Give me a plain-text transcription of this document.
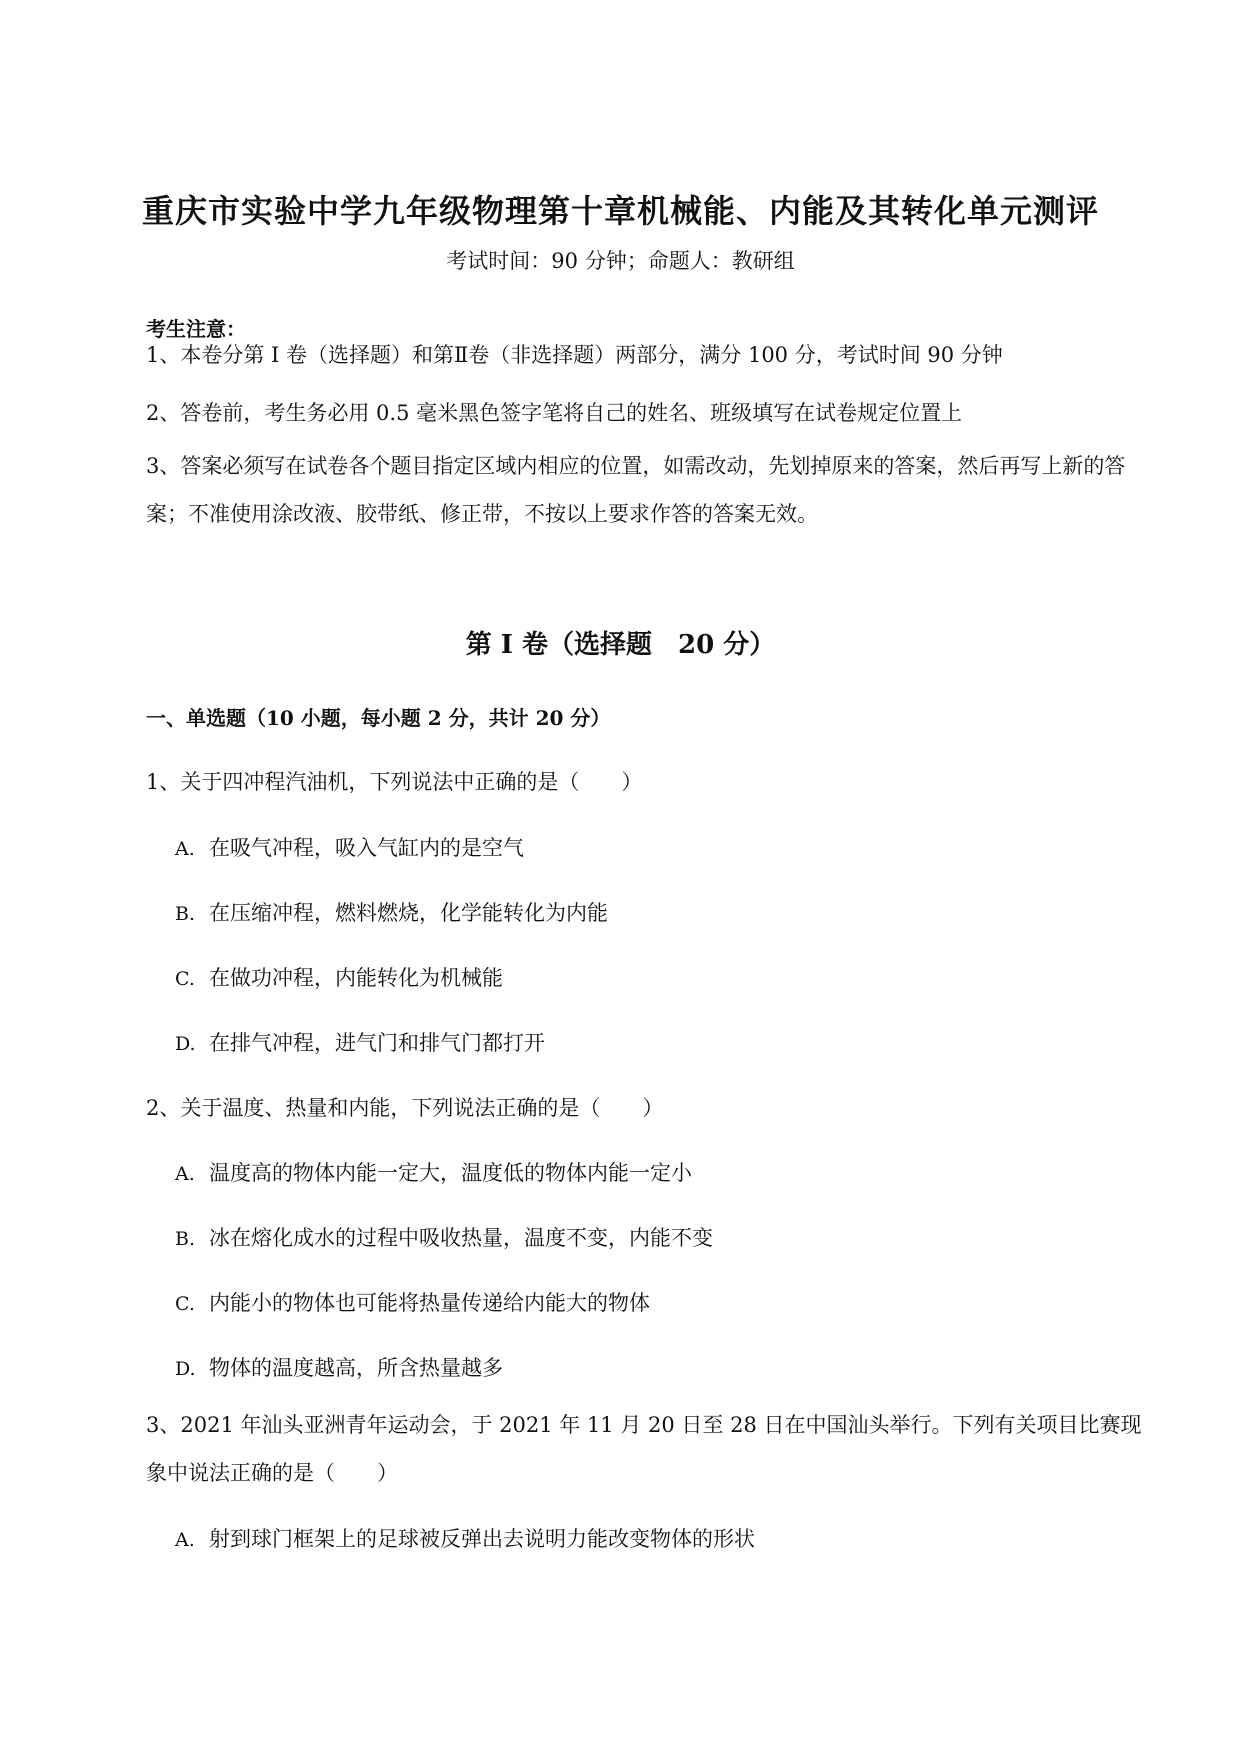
重庆市实验中学九年级物理第十章机械能、内能及其转化单元测评
考试时间：90 分钟；命题人：教研组
考生注意：
1、本卷分第 I 卷（选择题）和第Ⅱ卷（非选择题）两部分，满分 100 分，考试时间 90 分钟
2、答卷前，考生务必用 0.5 毫米黑色签字笔将自己的姓名、班级填写在试卷规定位置上
3、答案必须写在试卷各个题目指定区域内相应的位置，如需改动，先划掉原来的答案，然后再写上新的答案；不准使用涂改液、胶带纸、修正带，不按以上要求作答的答案无效。
第 I 卷（选择题　20 分）
一、单选题（10 小题，每小题 2 分，共计 20 分）
1、关于四冲程汽油机，下列说法中正确的是（　　）
A. 在吸气冲程，吸入气缸内的是空气
B. 在压缩冲程，燃料燃烧，化学能转化为内能
C. 在做功冲程，内能转化为机械能
D. 在排气冲程，进气门和排气门都打开
2、关于温度、热量和内能，下列说法正确的是（　　）
A. 温度高的物体内能一定大，温度低的物体内能一定小
B. 冰在熔化成水的过程中吸收热量，温度不变，内能不变
C. 内能小的物体也可能将热量传递给内能大的物体
D. 物体的温度越高，所含热量越多
3、2021 年汕头亚洲青年运动会，于 2021 年 11 月 20 日至 28 日在中国汕头举行。下列有关项目比赛现象中说法正确的是（　　）
A. 射到球门框架上的足球被反弹出去说明力能改变物体的形状
